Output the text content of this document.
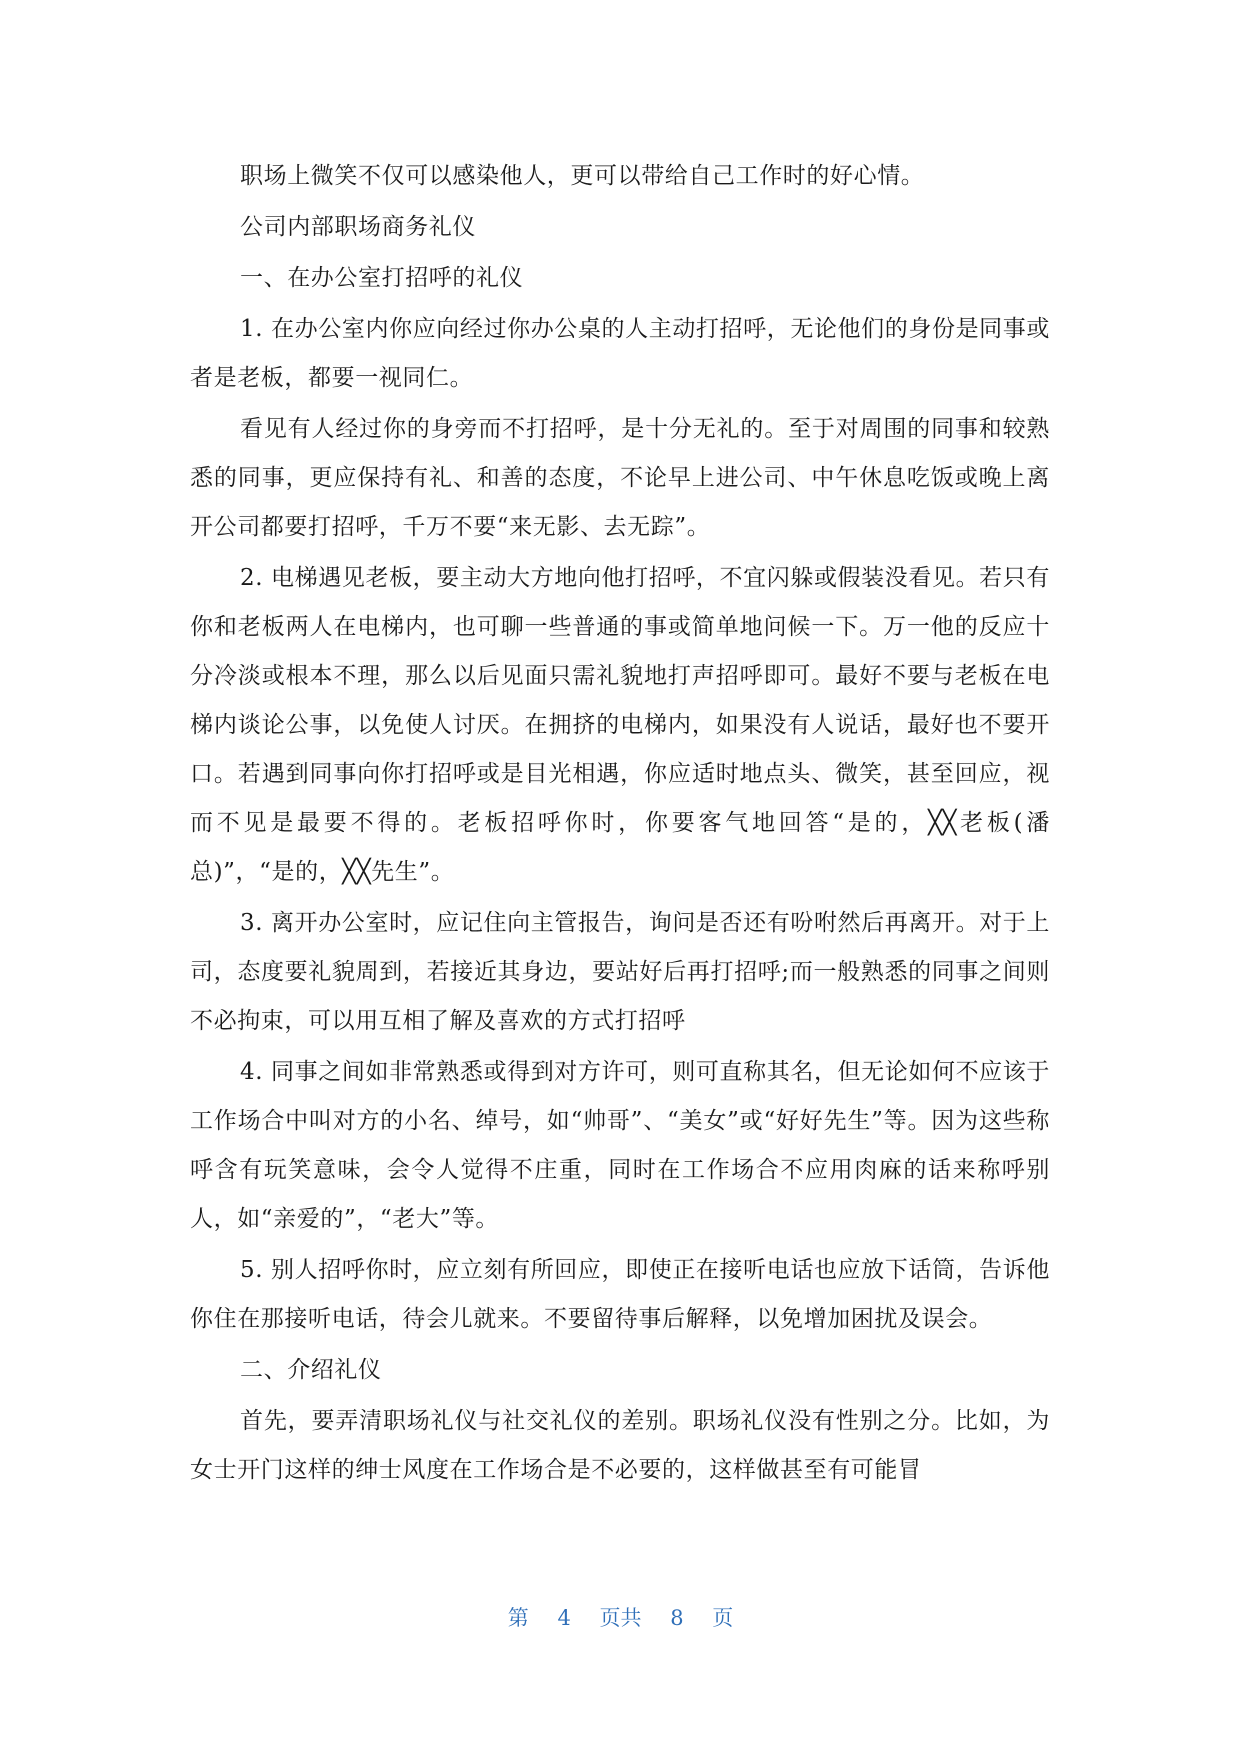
职场上微笑不仅可以感染他人，更可以带给自己工作时的好心情。

公司内部职场商务礼仪

一、在办公室打招呼的礼仪

1. 在办公室内你应向经过你办公桌的人主动打招呼，无论他们的身份是同事或者是老板，都要一视同仁。

看见有人经过你的身旁而不打招呼，是十分无礼的。至于对周围的同事和较熟悉的同事，更应保持有礼、和善的态度，不论早上进公司、中午休息吃饭或晚上离开公司都要打招呼，千万不要“来无影、去无踪”。

2. 电梯遇见老板，要主动大方地向他打招呼，不宜闪躲或假装没看见。若只有你和老板两人在电梯内，也可聊一些普通的事或简单地问候一下。万一他的反应十分冷淡或根本不理，那么以后见面只需礼貌地打声招呼即可。最好不要与老板在电梯内谈论公事，以免使人讨厌。在拥挤的电梯内，如果没有人说话，最好也不要开口。若遇到同事向你打招呼或是目光相遇，你应适时地点头、微笑，甚至回应，视而不见是最要不得的。老板招呼你时，你要客气地回答“是的，╳╳老板(潘总)”，“是的，╳╳先生”。

3. 离开办公室时，应记住向主管报告，询问是否还有吩咐然后再离开。对于上司，态度要礼貌周到，若接近其身边，要站好后再打招呼;而一般熟悉的同事之间则不必拘束，可以用互相了解及喜欢的方式打招呼

4. 同事之间如非常熟悉或得到对方许可，则可直称其名，但无论如何不应该于工作场合中叫对方的小名、绰号，如“帅哥”、“美女”或“好好先生”等。因为这些称呼含有玩笑意味，会令人觉得不庄重，同时在工作场合不应用肉麻的话来称呼别人，如“亲爱的”，“老大”等。

5. 别人招呼你时，应立刻有所回应，即使正在接听电话也应放下话筒，告诉他你住在那接听电话，待会儿就来。不要留待事后解释，以免增加困扰及误会。

二、介绍礼仪

首先，要弄清职场礼仪与社交礼仪的差别。职场礼仪没有性别之分。比如，为女士开门这样的绅士风度在工作场合是不必要的，这样做甚至有可能冒

第 4 页共 8 页
